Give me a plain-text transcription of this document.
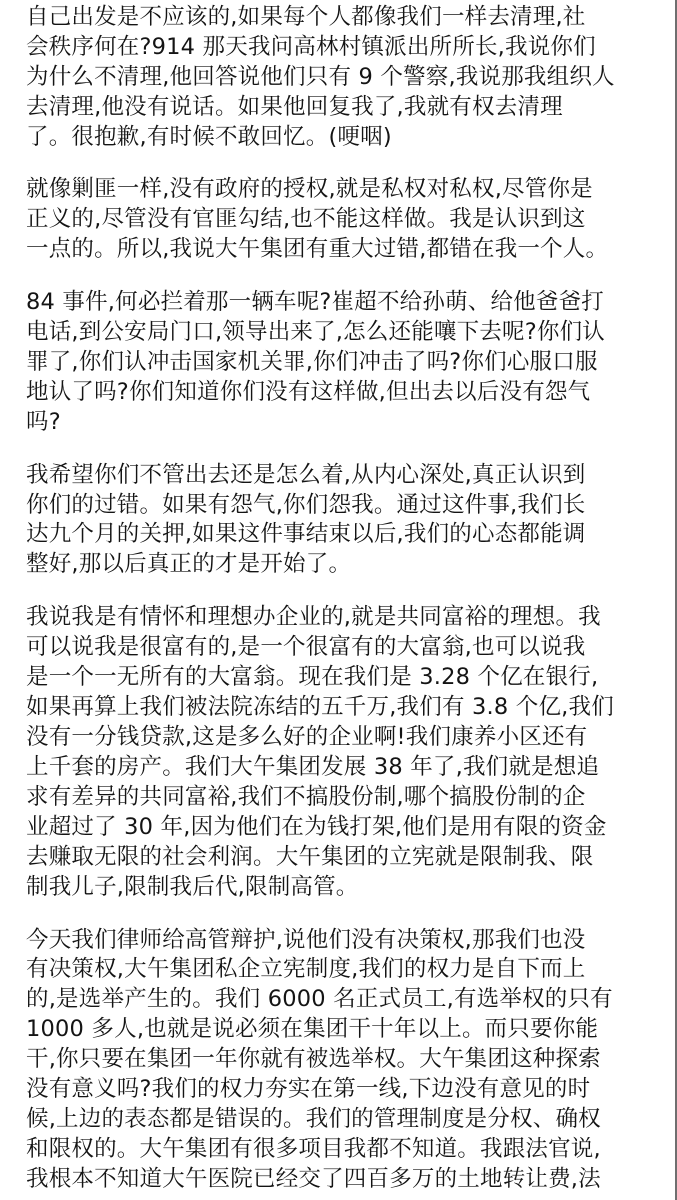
自己出发是不应该的,如果每个人都像我们一样去清理,社
会秩序何在?914 那天我问高林村镇派出所所长,我说你们
为什么不清理,他回答说他们只有 9 个警察,我说那我组织人
去清理,他没有说话。如果他回复我了,我就有权去清理
了。很抱歉,有时候不敢回忆。(哽咽)
就像剿匪一样,没有政府的授权,就是私权对私权,尽管你是
正义的,尽管没有官匪勾结,也不能这样做。我是认识到这
一点的。所以,我说大午集团有重大过错,都错在我一个人。
84 事件,何必拦着那一辆车呢?崔超不给孙萌、给他爸爸打
电话,到公安局门口,领导出来了,怎么还能嚷下去呢?你们认
罪了,你们认冲击国家机关罪,你们冲击了吗?你们心服口服
地认了吗?你们知道你们没有这样做,但出去以后没有怨气
吗?
我希望你们不管出去还是怎么着,从内心深处,真正认识到
你们的过错。如果有怨气,你们怨我。通过这件事,我们长
达九个月的关押,如果这件事结束以后,我们的心态都能调
整好,那以后真正的才是开始了。
我说我是有情怀和理想办企业的,就是共同富裕的理想。我
可以说我是很富有的,是一个很富有的大富翁,也可以说我
是一个一无所有的大富翁。现在我们是 3.28 个亿在银行,
如果再算上我们被法院冻结的五千万,我们有 3.8 个亿,我们
没有一分钱贷款,这是多么好的企业啊!我们康养小区还有
上千套的房产。我们大午集团发展 38 年了,我们就是想追
求有差异的共同富裕,我们不搞股份制,哪个搞股份制的企
业超过了 30 年,因为他们在为钱打架,他们是用有限的资金
去赚取无限的社会利润。大午集团的立宪就是限制我、限
制我儿子,限制我后代,限制高管。
今天我们律师给高管辩护,说他们没有决策权,那我们也没
有决策权,大午集团私企立宪制度,我们的权力是自下而上
的,是选举产生的。我们 6000 名正式员工,有选举权的只有
1000 多人,也就是说必须在集团干十年以上。而只要你能
干,你只要在集团一年你就有被选举权。大午集团这种探索
没有意义吗?我们的权力夯实在第一线,下边没有意见的时
候,上边的表态都是错误的。我们的管理制度是分权、确权
和限权的。大午集团有很多项目我都不知道。我跟法官说,
我根本不知道大午医院已经交了四百多万的土地转让费,法
